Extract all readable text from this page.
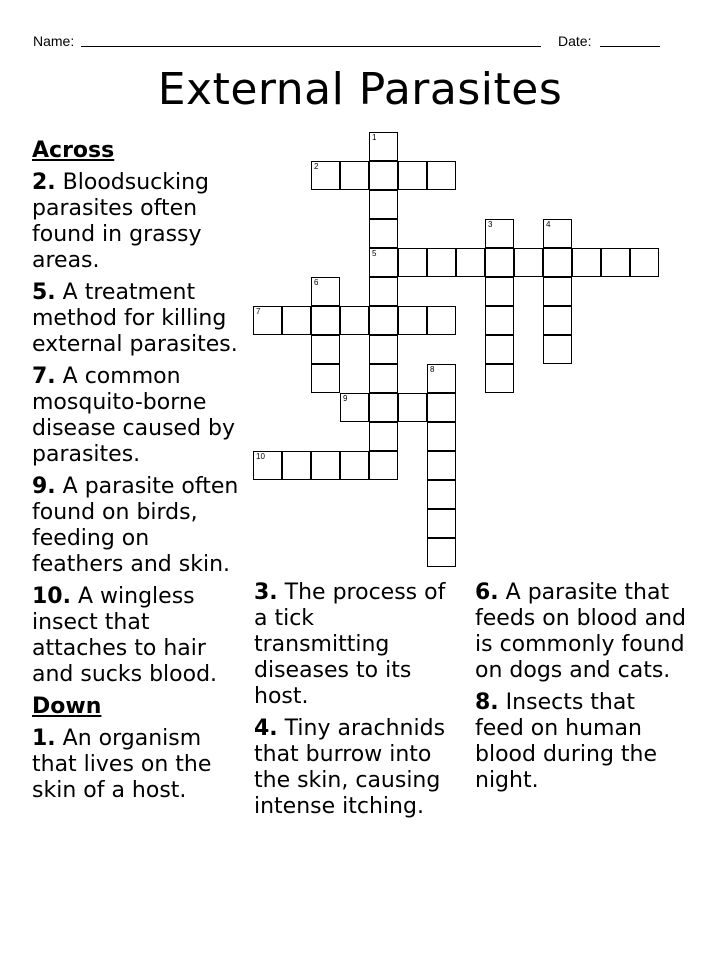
Name:	Date:
External Parasites
Across
2. Bloodsucking parasites often found in grassy areas.
5. A treatment method for killing external parasites.
7. A common mosquito-borne disease caused by parasites.
9. A parasite often found on birds, feeding on feathers and skin.
10. A wingless insect that attaches to hair and sucks blood.
Down
1. An organism that lives on the skin of a host.
3. The process of a tick transmitting diseases to its host.
4. Tiny arachnids that burrow into the skin, causing intense itching.
6. A parasite that feeds on blood and is commonly found on dogs and cats.
8. Insects that feed on human blood during the night.
1
5
2
3	4
6
7
8
9
10
